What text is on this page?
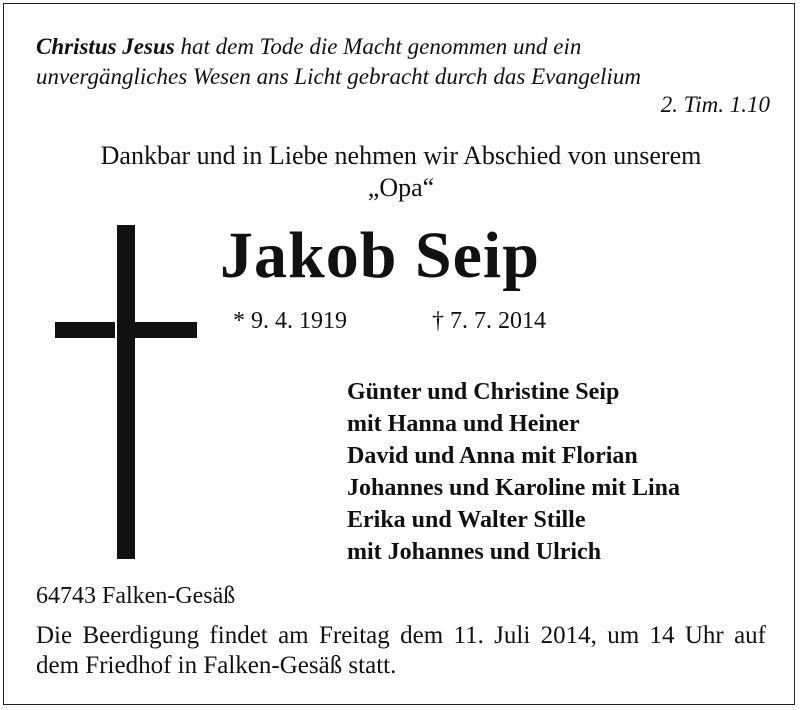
Christus Jesus hat dem Tode die Macht genommen und ein
unvergängliches Wesen ans Licht gebracht durch das Evangelium
2. Tim. 1.10
Dankbar und in Liebe nehmen wir Abschied von unserem
„Opa“
Jakob Seip
* 9. 4. 1919	† 7. 7. 2014
Günter und Christine Seip
mit Hanna und Heiner
David und Anna mit Florian
Johannes und Karoline mit Lina
Erika und Walter Stille
mit Johannes und Ulrich
64743 Falken-Gesäß
Die Beerdigung findet am Freitag dem 11. Juli 2014, um 14 Uhr auf dem Friedhof in Falken-Gesäß statt.
